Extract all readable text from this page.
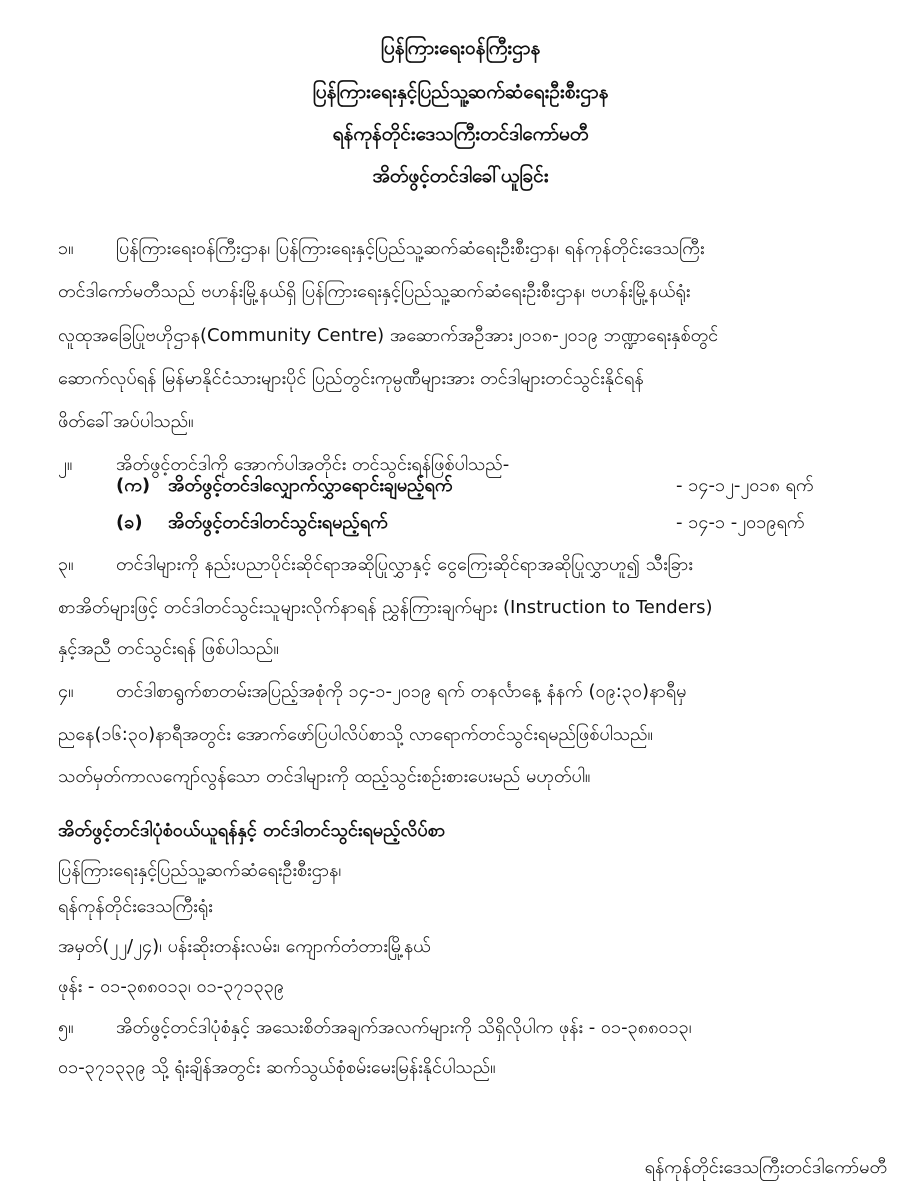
ပြန်ကြားရေးဝန်ကြီးဌာန
ပြန်ကြားရေးနှင့်ပြည်သူ့ဆက်ဆံရေးဦးစီးဌာန
ရန်ကုန်တိုင်းဒေသကြီးတင်ဒါကော်မတီ
အိတ်ဖွင့်တင်ဒါခေါ်ယူခြင်း
၁။ ပြန်ကြားရေးဝန်ကြီးဌာန၊ ပြန်ကြားရေးနှင့်ပြည်သူ့ဆက်ဆံရေးဦးစီးဌာန၊ ရန်ကုန်တိုင်းဒေသကြီး
တင်ဒါကော်မတီသည် ဗဟန်းမြို့နယ်ရှိ ပြန်ကြားရေးနှင့်ပြည်သူ့ဆက်ဆံရေးဦးစီးဌာန၊ ဗဟန်းမြို့နယ်ရုံး
လူထုအခြေပြုဗဟိုဌာန(Community Centre) အဆောက်အဦအား၂၀၁၈-၂၀၁၉ ဘဏ္ဍာရေးနှစ်တွင်
ဆောက်လုပ်ရန် မြန်မာနိုင်ငံသားများပိုင် ပြည်တွင်းကုမ္ပဏီများအား တင်ဒါများတင်သွင်းနိုင်ရန်
ဖိတ်ခေါ်အပ်ပါသည်။
၂။ အိတ်ဖွင့်တင်ဒါကို အောက်ပါအတိုင်း တင်သွင်းရန်ဖြစ်ပါသည်-
(က) အိတ်ဖွင့်တင်ဒါလျှောက်လွှာရောင်းချမည့်ရက်	- ၁၄-၁၂-၂၀၁၈ ရက်
(ခ) အိတ်ဖွင့်တင်ဒါတင်သွင်းရမည့်ရက်	- ၁၄-၁ -၂၀၁၉ရက်
၃။ တင်ဒါများကို နည်းပညာပိုင်းဆိုင်ရာအဆိုပြုလွှာနှင့် ငွေကြေးဆိုင်ရာအဆိုပြုလွှာဟူ၍ သီးခြား
စာအိတ်များဖြင့် တင်ဒါတင်သွင်းသူများလိုက်နာရန် ညွှန်ကြားချက်များ (Instruction to Tenders)
နှင့်အညီ တင်သွင်းရန် ဖြစ်ပါသည်။
၄။ တင်ဒါစာရွက်စာတမ်းအပြည့်အစုံကို ၁၄-၁-၂၀၁၉ ရက် တနင်္လာနေ့ နံနက် (၀၉:၃၀)နာရီမှ
ညနေ(၁၆:၃၀)နာရီအတွင်း အောက်ဖော်ပြပါလိပ်စာသို့ လာရောက်တင်သွင်းရမည်ဖြစ်ပါသည်။
သတ်မှတ်ကာလကျော်လွန်သော တင်ဒါများကို ထည့်သွင်းစဉ်းစားပေးမည် မဟုတ်ပါ။
အိတ်ဖွင့်တင်ဒါပုံစံဝယ်ယူရန်နှင့် တင်ဒါတင်သွင်းရမည့်လိပ်စာ
ပြန်ကြားရေးနှင့်ပြည်သူ့ဆက်ဆံရေးဦးစီးဌာန၊
ရန်ကုန်တိုင်းဒေသကြီးရုံး
အမှတ်(၂၂/၂၄)၊ ပန်းဆိုးတန်းလမ်း၊ ကျောက်တံတားမြို့နယ်
ဖုန်း - ၀၁-၃၈၈၀၁၃၊ ၀၁-၃၇၁၃၃၉
၅။ အိတ်ဖွင့်တင်ဒါပုံစံနှင့် အသေးစိတ်အချက်အလက်များကို သိရှိလိုပါက ဖုန်း - ၀၁-၃၈၈၀၁၃၊
၀၁-၃၇၁၃၃၉ သို့ ရုံးချိန်အတွင်း ဆက်သွယ်စုံစမ်းမေးမြန်းနိုင်ပါသည်။
ရန်ကုန်တိုင်းဒေသကြီးတင်ဒါကော်မတီ
